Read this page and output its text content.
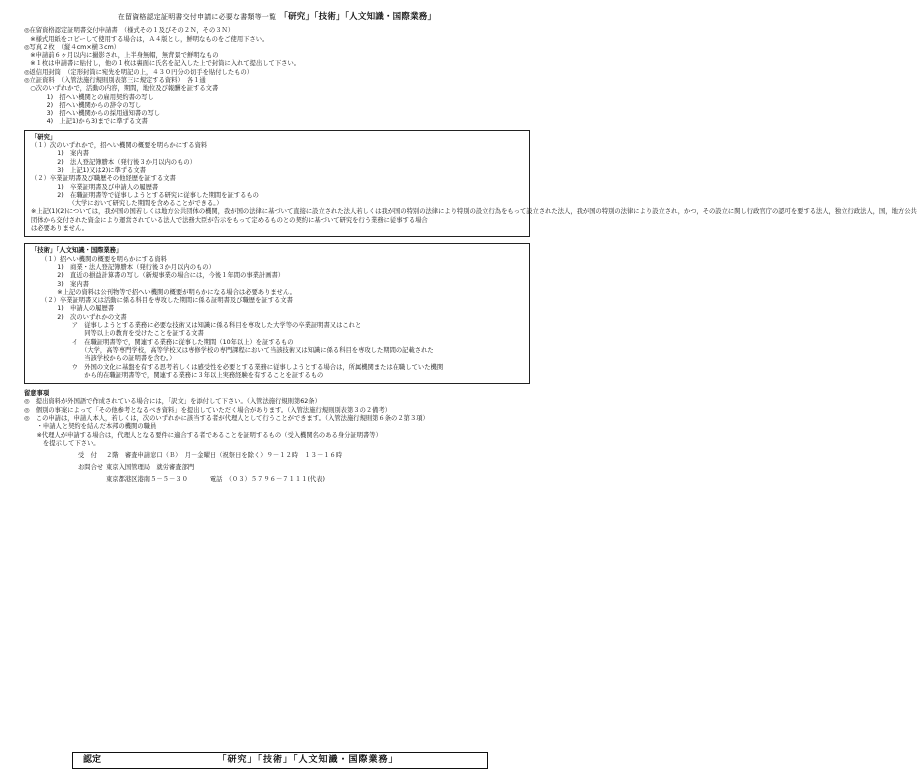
在留資格認定証明書交付申請に必要な書類等一覧 「研究」「技術」「人文知識・国際業務」
◎在留資格認定証明書交付申請書　（様式その１及びその２Ｎ，その３Ｎ）
　※様式用紙をコピーして使用する場合は，Ａ４版とし，鮮明なものをご使用下さい。
◎写真２枚　（縦４cm×横３cm）
　※申請前６ヶ月以内に撮影され，上半身無帽，無背景で鮮明なもの
　※１枚は申請書に貼付し，他の１枚は裏面に氏名を記入した上で封筒に入れて提出して下さい。
◎返信用封筒　（定形封筒に宛先を明記の上，４３０円分の切手を貼付したもの）
◎立証資料　（入管法施行規則別表第三に規定する資料）　各１通
　○次のいずれかで，活動の内容，期間，地位及び報酬を証する文書
　　1)　招へい機関との雇用契約書の写し
　　2)　招へい機関からの辞令の写し
　　3)　招へい機関からの採用通知書の写し
　　4)　上記1)から3)までに準ずる文書
「研究」
（１）次のいずれかで，招へい機関の概要を明らかにする資料
　1)　案内書
　2)　法人登記簿謄本（発行後３か月以内のもの）
　3)　上記1)又は2)に準ずる文書
（２）卒業証明書及び職歴その他経歴を証する文書
　1)　卒業証明書及び申請人の履歴書
　2)　在職証明書等で従事しようとする研究に従事した期間を証するもの
　　（大学において研究した期間を含めることができる。）
※上記(1)(2)については，我が国の国若しくは地方公共団体の機関，我が国の法律に基づいて直接に設立された法人若しくは我が国の特別の法律により特別の設立行為をもって設立された法人，我が国の特別の法律により設立され，かつ，その設立に関し行政官庁の認可を要する法人，独立行政法人，国，地方公共
団体から交付された資金により運営されている法人で法務大臣が告示をもって定めるものとの契約に基づいて研究を行う業務に従事する場合
は必要ありません。
「技術」「人文知識・国際業務」
（１）招へい機関の概要を明らかにする資料
　1)　商業・法人登記簿謄本（発行後３か月以内のもの）
　2)　直近の損益計算書の写し（新規事業の場合には，今後１年間の事業計画書）
　3)　案内書
　※上記の資料は公刊物等で招へい機関の概要が明らかになる場合は必要ありません。
（２）卒業証明書又は活動に係る科目を専攻した期間に係る証明書及び職歴を証する文書
　1)　申請人の履歴書
　2)　次のいずれかの文書
　　ア　従事しようとする業務に必要な技術又は知識に係る科目を専攻した大学等の卒業証明書又はこれと
　　　　同等以上の教育を受けたことを証する文書
　　イ　在職証明書等で，関連する業務に従事した期間（10年以上）を証するもの
　　　　（大学，高等専門学校，高等学校又は専修学校の専門課程において当該技術又は知識に係る科目を専攻した期間の記載された
　　　　当該学校からの証明書を含む。）
　　ウ　外国の文化に基盤を有する思考若しくは感受性を必要とする業務に従事しようとする場合は，所属機関または在職していた機関
　　　　から的在職証明書等で，関連する業務に３年以上実務経験を有することを証するもの
留意事項
◎　提出資料が外国語で作成されている場合には，「訳文」を添付して下さい。（入管法施行規則第62条）
◎　個別の事案によって「その他参考となるべき資料」を提出していただく場合があります。（入管法施行規則別表第３の２備考）
◎　この申請は，申請人本人，若しくは，次のいずれかに該当する者が代理人として行うことができます。（入管法施行規則第６条の２第３項）
　　・申請人と契約を結んだ本邦の機関の職員
　　※代理人が申請する場合は，代理人となる要件に適合する者であることを証明するもの（受入機関名のある身分証明書等）
　　　を提示して下さい。
受　付	２階　審査申請窓口（Ｂ）　月－金曜日（祝祭日を除く）９－１２時　１３－１６時
お問合せ 東京入国管理局　就労審査部門
東京都港区港南５－５－３０	電話　（０３）５７９６－７１１１(代表)
認定	「研究」「技術」「人文知識・国際業務」
